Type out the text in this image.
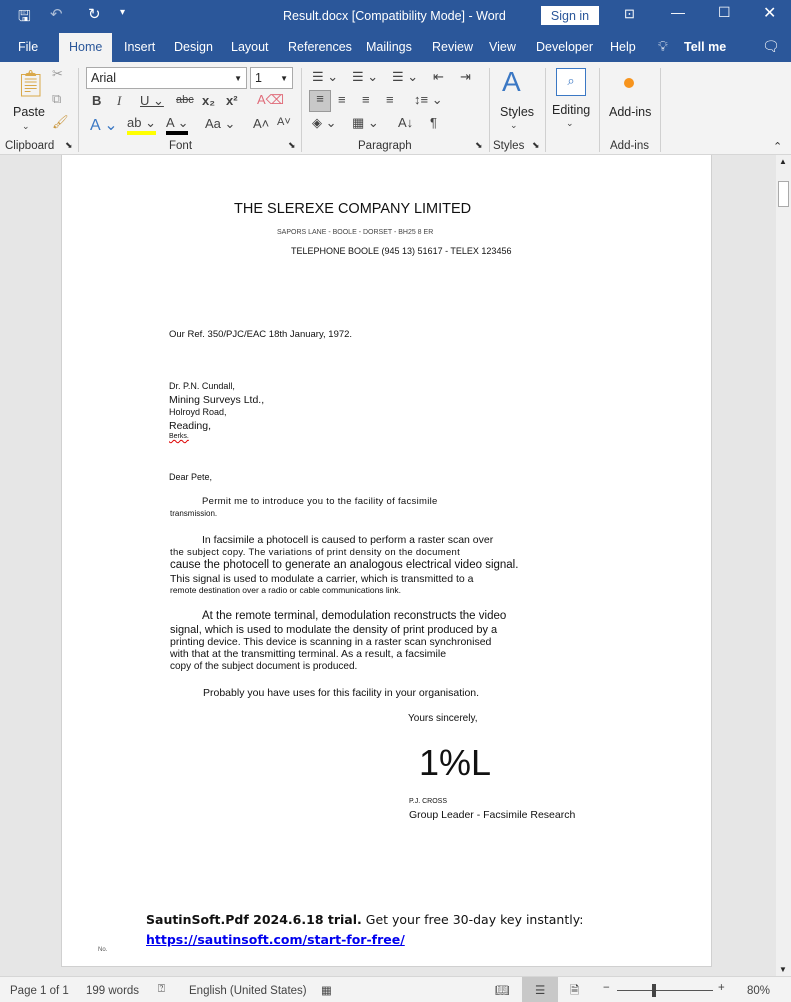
🖫 ↶ ↻ ▾	Result.docx [Compatibility Mode] - Word	Sign in	⊡	— ☐ ✕
File	Home	Insert Design Layout References Mailings Review View Developer Help 💡︎ Tell me	🗨︎
📋︎
Paste
⌄
✂
⧉
🖌︎
Arial	▼	1 ▼
B I U ⌄ abc x₂ x² A⌫
A ⌄ ab ⌄ A ⌄ Aa ⌄ A˄ A˅
☰ ⌄ ☰ ⌄ ☰ ⌄ ⇤ ⇥
≡	≡ ≡ ≡ ↕≡ ⌄
◈ ⌄ ▦ ⌄ A↓ ¶
A
Styles
⌄
⌕
Editing
⌄
Add-ins
Clipboard ⬊	Font	⬊	Paragraph	⬊ Styles ⬊	Add-ins	⌃
THE SLEREXE COMPANY LIMITED
SAPORS LANE - BOOLE - DORSET - BH25 8 ER
TELEPHONE BOOLE (945 13) 51617 - TELEX 123456
Our Ref. 350/PJC/EAC 18th January, 1972.
Dr. P.N. Cundall,
Mining Surveys Ltd.,
Holroyd Road,
Reading,
Berks.
Dear Pete,
Permit me to introduce you to the facility of facsimile
transmission.
In facsimile a photocell is caused to perform a raster scan over
the subject copy. The variations of print density on the document
cause the photocell to generate an analogous electrical video signal.
This signal is used to modulate a carrier, which is transmitted to a
remote destination over a radio or cable communications link.
At the remote terminal, demodulation reconstructs the video
signal, which is used to modulate the density of print produced by a
printing device. This device is scanning in a raster scan synchronised
with that at the transmitting terminal. As a result, a facsimile
copy of the subject document is produced.
Probably you have uses for this facility in your organisation.
Yours sincerely,
1%L
P.J. CROSS
Group Leader - Facsimile Research
SautinSoft.Pdf 2024.6.18 trial. Get your free 30-day key instantly:
https://sautinsoft.com/start-for-free/
No.
▲
▼
Page 1 of 1 199 words ⍰ English (United States) ▦	📖︎ ☰ 🗎 −	+ 80%
